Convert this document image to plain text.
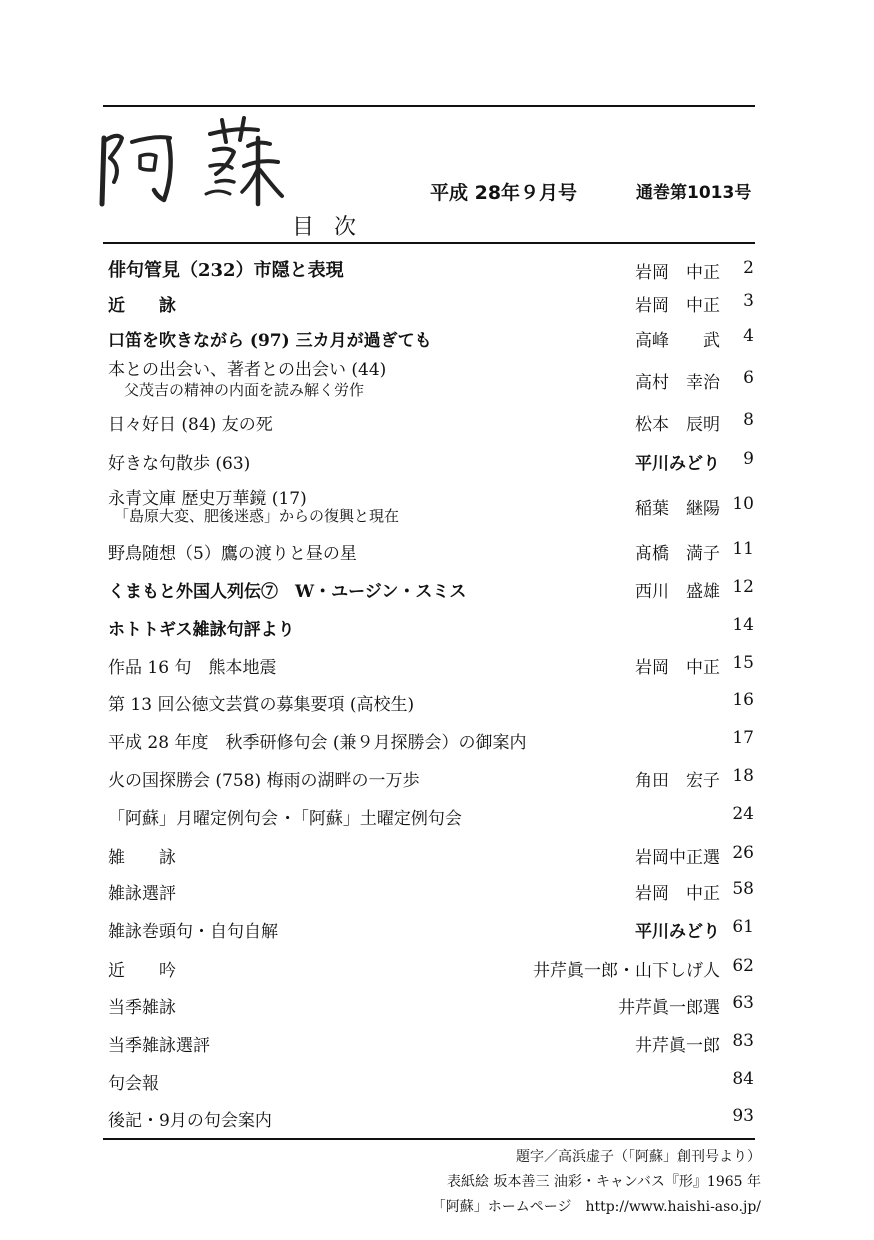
平成 28年９月号	通巻第1013号
目次
俳句管見（232）市隠と表現	岩岡　中正	2
近　　詠	岩岡　中正	3
口笛を吹きながら (97) 三カ月が過ぎても	高峰　　武	4
本との出会い、著者との出会い (44)
父茂吉の精神の内面を読み解く労作	高村　幸治	6
日々好日 (84) 友の死	松本　辰明	8
好きな句散歩 (63)	平川みどり	9
永青文庫 歴史万華鏡 (17)
「島原大変、肥後迷惑」からの復興と現在	稲葉　継陽 10
野鳥随想（5）鷹の渡りと昼の星	髙橋　満子 11
くまもと外国人列伝⑦　W・ユージン・スミス	西川　盛雄 12
ホトトギス雑詠句評より	14
作品 16 句　熊本地震	岩岡　中正 15
第 13 回公徳文芸賞の募集要項 (高校生)	16
平成 28 年度　秋季研修句会 (兼９月探勝会）の御案内	17
火の国探勝会 (758) 梅雨の湖畔の一万歩	角田　宏子 18
「阿蘇」月曜定例句会 ･「阿蘇」土曜定例句会	24
雑　　詠	岩岡中正選 26
雑詠選評	岩岡　中正 58
雑詠巻頭句・自句自解	平川みどり 61
近　　吟	井芹眞一郎・山下しげ人 62
当季雑詠	井芹眞一郎選 63
当季雑詠選評	井芹眞一郎 83
句会報	84
後記・9月の句会案内	93
題字／高浜虚子（「阿蘇」創刊号より）
表紙絵 坂本善三 油彩・キャンバス『形』1965 年
「阿蘇」ホームページ　http://www.haishi-aso.jp/
